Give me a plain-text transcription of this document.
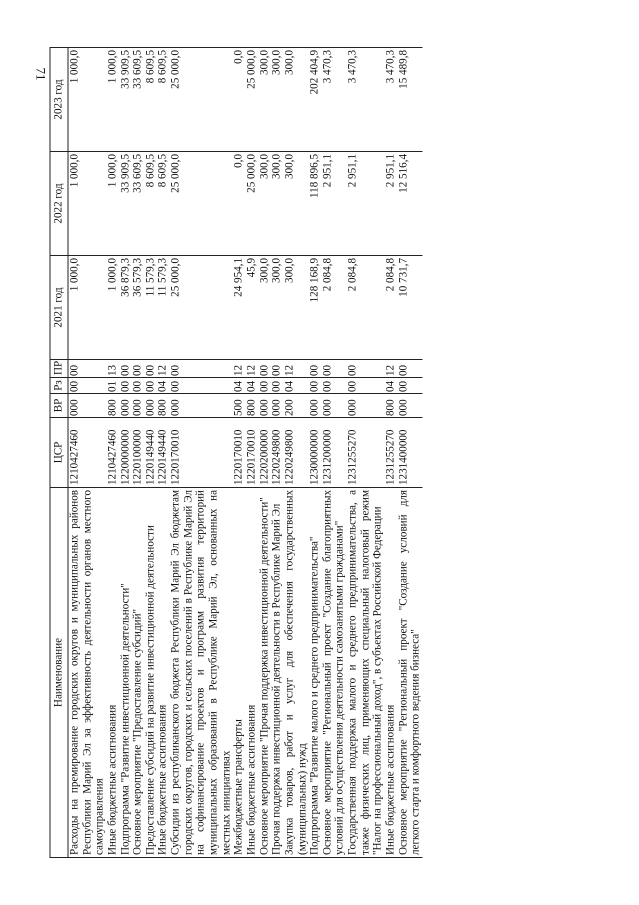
71
Наименование	ЦСР	ВР	Рз	ПР	2021 год	2022 год	2023 год
Расходы на премирование городских округов и муниципальных районов Республики Марий Эл за эффективность деятельности органов местного самоуправления	1210427460	000	00	00	1 000,0	1 000,0	1 000,0
Иные бюджетные ассигнования	1210427460	800	01	13	1 000,0	1 000,0	1 000,0
Подпрограмма "Развитие инвестиционной деятельности"	1220000000	000	00	00	36 879,3	33 909,5	33 909,5
Основное мероприятие "Предоставление субсидий"	1220100000	000	00	00	36 579,3	33 609,5	33 609,5
Предоставление субсидий на развитие инвестиционной деятельности	1220149440	000	00	00	11 579,3	8 609,5	8 609,5
Иные бюджетные ассигнования	1220149440	800	04	12	11 579,3	8 609,5	8 609,5
Субсидии из республиканского бюджета Республики Марий Эл бюджетам городских округов, городских и сельских поселений в Республике Марий Эл на софинансирование проектов и программ развития территорий муниципальных образований в Республике Марий Эл, основанных на местных инициативах	1220170010	000	00	00	25 000,0	25 000,0	25 000,0
Межбюджетные трансферты	1220170010	500	04	12	24 954,1	0,0	0,0
Иные бюджетные ассигнования	1220170010	800	04	12	45,9	25 000,0	25 000,0
Основное мероприятие "Прочая поддержка инвестиционной деятельности"	1220200000	000	00	00	300,0	300,0	300,0
Прочая поддержка инвестиционной деятельности в Республике Марий Эл	1220249800	000	00	00	300,0	300,0	300,0
Закупка товаров, работ и услуг для обеспечения государственных (муниципальных) нужд	1220249800	200	04	12	300,0	300,0	300,0
Подпрограмма "Развитие малого и среднего предпринимательства"	1230000000	000	00	00	128 168,9	118 896,5	202 404,9
Основное мероприятие "Региональный проект "Создание благоприятных условий для осуществления деятельности самозанятыми гражданами"	1231200000	000	00	00	2 084,8	2 951,1	3 470,3
Государственная поддержка малого и среднего предпринимательства, а также физических лиц, применяющих специальный налоговый режим "Налог на профессиональный доход", в субъектах Российской Федерации	1231255270	000	00	00	2 084,8	2 951,1	3 470,3
Иные бюджетные ассигнования	1231255270	800	04	12	2 084,8	2 951,1	3 470,3
Основное мероприятие "Региональный проект "Создание условий для легкого старта и комфортного ведения бизнеса"	1231400000	000	00	00	10 731,7	12 516,4	15 489,8
